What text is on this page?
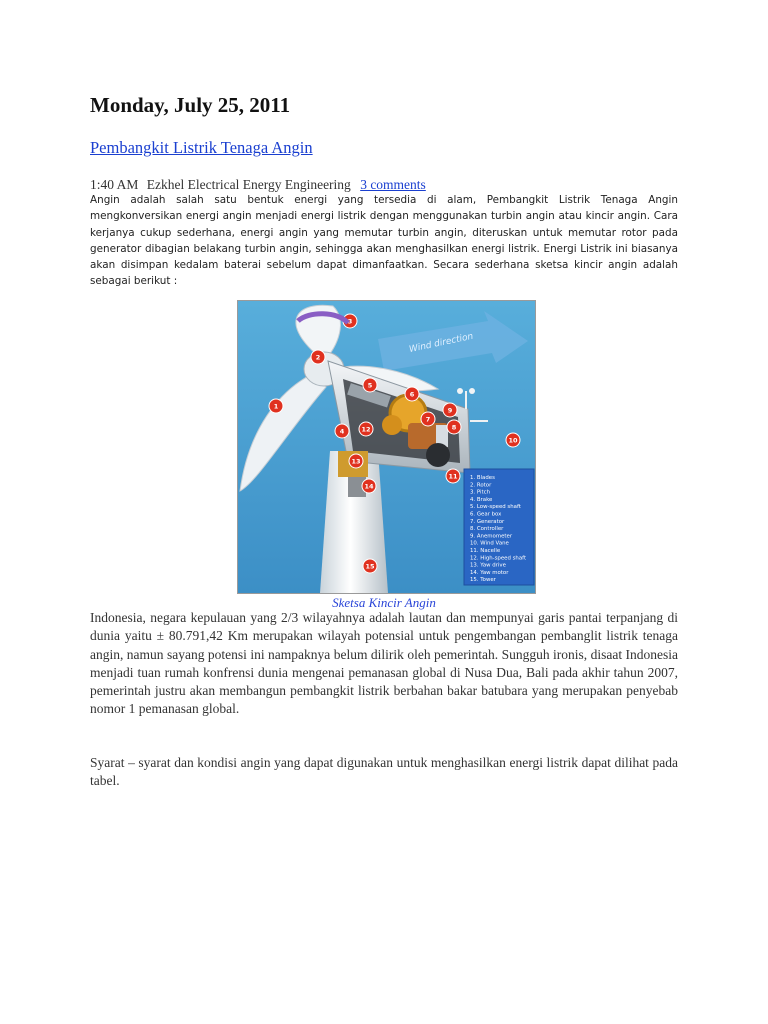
Monday, July 25, 2011
Pembangkit Listrik Tenaga Angin
1:40 AM Ezkhel Electrical Energy Engineering 3 comments

Angin adalah salah satu bentuk energi yang tersedia di alam, Pembangkit Listrik Tenaga Angin mengkonversikan energi angin menjadi energi listrik dengan menggunakan turbin angin atau kincir angin. Cara kerjanya cukup sederhana, energi angin yang memutar turbin angin, diteruskan untuk memutar rotor pada generator dibagian belakang turbin angin, sehingga akan menghasilkan energi listrik. Energi Listrik ini biasanya akan disimpan kedalam baterai sebelum dapat dimanfaatkan. Secara sederhana sketsa kincir angin adalah sebagai berikut :

Wind direction
1. Blades
2. Rotor
3. Pitch
4. Brake
5. Low-speed shaft
6. Gear box
7. Generator
8. Controller
9. Anemometer
10. Wind Vane
11. Nacelle
12. High-speed shaft
13. Yaw drive
14. Yaw motor
15. Tower
1
2
3
4
5
6
7
8
9
10
11
12
13
14
15
Sketsa Kincir Angin

Indonesia, negara kepulauan yang 2/3 wilayahnya adalah lautan dan mempunyai garis pantai terpanjang di dunia yaitu ± 80.791,42 Km merupakan wilayah potensial untuk pengembangan pembanglit listrik tenaga angin, namun sayang potensi ini nampaknya belum dilirik oleh pemerintah. Sungguh ironis, disaat Indonesia menjadi tuan rumah konfrensi dunia mengenai pemanasan global di Nusa Dua, Bali pada akhir tahun 2007, pemerintah justru akan membangun pembangkit listrik berbahan bakar batubara yang merupakan penyebab nomor 1 pemanasan global.

Syarat – syarat dan kondisi angin yang dapat digunakan untuk menghasilkan energi listrik dapat dilihat pada tabel.
